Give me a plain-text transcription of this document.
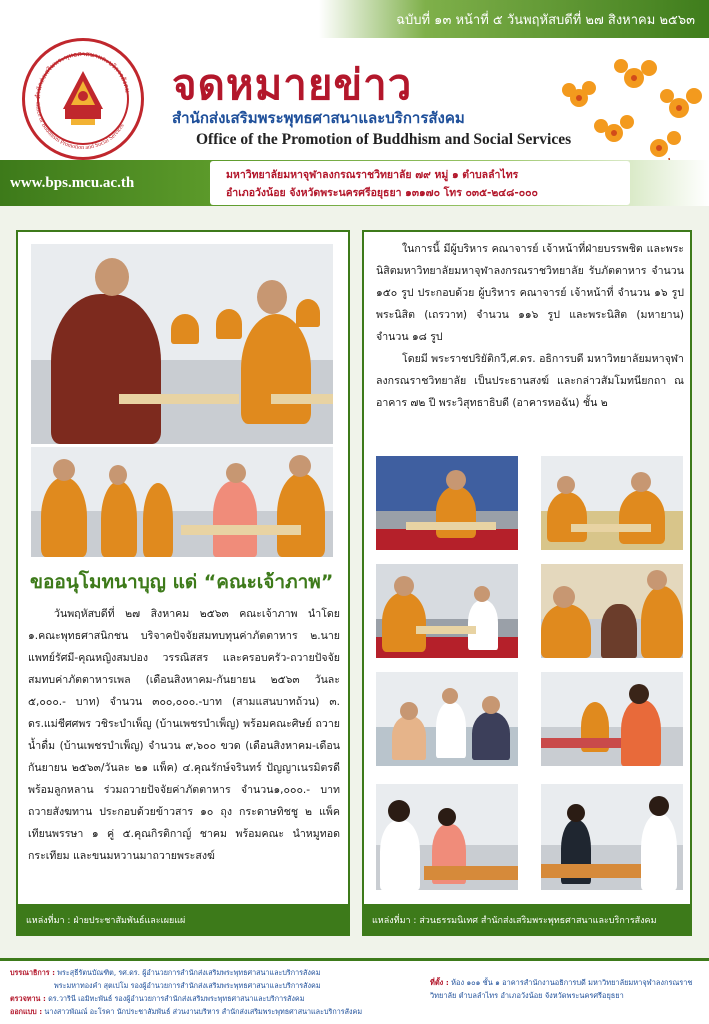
ฉบับที่ ๑๓ หน้าที่ ๕ วันพฤหัสบดีที่ ๒๗ สิงหาคม ๒๕๖๓
สำนักส่งเสริมพระพุทธศาสนาและบริการสังคม
Office of Buddhism Promotion and Social Services
จดหมายข่าว
สำนักส่งเสริมพระพุทธศาสนาและบริการสังคม
Office of the Promotion of Buddhism and Social Services
www.bps.mcu.ac.th	มหาวิทยาลัยมหาจุฬาลงกรณราชวิทยาลัย ๗๙ หมู่ ๑ ตำบลลำไทร
อำเภอวังน้อย จังหวัดพระนครศรีอยุธยา ๑๓๑๗๐ โทร ๐๓๕-๒๔๘-๐๐๐
แหล่งที่มา : ฝ่ายประชาสัมพันธ์และเผยแผ่
ขออนุโมทนาบุญ แด่ “คณะเจ้าภาพ”

วันพฤหัสบดีที่ ๒๗ สิงหาคม ๒๕๖๓ คณะเจ้าภาพ นำโดย ๑.คณะพุทธศาสนิกชน บริจาคปัจจัยสมทบทุนค่าภัตตาหาร ๒.นายแพทย์รัศมี-คุณหญิงสมปอง วรรณิสสร และครอบครัว-ถวายปัจจัยสมทบค่าภัตตาหารเพล (เดือนสิงหาคม-กันยายน ๒๕๖๓ วันละ ๕,๐๐๐.- บาท) จำนวน ๓๐๐,๐๐๐.-บาท (สามแสนบาทถ้วน) ๓. ดร.แม่ชีศศพร วชิระบำเพ็ญ (บ้านเพชรบำเพ็ญ) พร้อมคณะศิษย์ ถวายน้ำดื่ม (บ้านเพชรบำเพ็ญ) จำนวน ๙,๖๐๐ ขวด (เดือนสิงหาคม-เดือนกันยายน ๒๕๖๓/วันละ ๒๑ แพ็ค) ๔.คุณรักษ์จรินทร์ ปัญญาเนรมิตรดี พร้อมลูกหลาน ร่วมถวายปัจจัยค่าภัตตาหาร จำนวน๑,๐๐๐.- บาท ถวายสังฆทาน ประกอบด้วยข้าวสาร ๑๐ ถุง กระดาษทิชชู ๒ แพ็ค เทียนพรรษา ๑ คู่ ๕.คุณกิรติกาญ์ ชาคม พร้อมคณะ นำหมูทอดกระเทียม และขนมหวานมาถวายพระสงฆ์

แหล่งที่มา : ส่วนธรรมนิเทศ สำนักส่งเสริมพระพุทธศาสนาและบริการสังคม

ในการนี้ มีผู้บริหาร คณาจารย์ เจ้าหน้าที่ฝ่ายบรรพชิต และพระนิสิตมหาวิทยาลัยมหาจุฬาลงกรณราชวิทยาลัย รับภัตตาหาร จำนวน ๑๕๐ รูป ประกอบด้วย ผู้บริหาร คณาจารย์ เจ้าหน้าที่ จำนวน ๑๖ รูป พระนิสิต (เถรวาท) จำนวน ๑๑๖ รูป และพระนิสิต (มหายาน) จำนวน ๑๘ รูป
โดยมี พระราชปริยัติกวี,ศ.ดร. อธิการบดี มหาวิทยาลัยมหาจุฬาลงกรณราชวิทยาลัย เป็นประธานสงฆ์ และกล่าวสัมโมทนียกถา ณ อาคาร ๗๒ ปี พระวิสุทธาธิบดี (อาคารหอฉัน) ชั้น ๒

บรรณาธิการ : พระสุธีรัตนบัณฑิต, รศ.ดร. ผู้อำนวยการสำนักส่งเสริมพระพุทธศาสนาและบริการสังคม
พระมหาทองคำ สุตเปโม รองผู้อำนวยการสำนักส่งเสริมพระพุทธศาสนาและบริการสังคม
ตรวจทาน : ดร.วารินี เอมิทะพันธ์ รองผู้อำนวยการสำนักส่งเสริมพระพุทธศาสนาและบริการสังคม
ออกแบบ : นางสาวพัณณ์ อะโรคา นักประชาสัมพันธ์ ส่วนงานบริหาร สำนักส่งเสริมพระพุทธศาสนาและบริการสังคม
ที่ตั้ง : ห้อง ๑๐๑ ชั้น ๑ อาคารสำนักงานอธิการบดี มหาวิทยาลัยมหาจุฬาลงกรณราชวิทยาลัย ตำบลลำไทร อำเภอวังน้อย จังหวัดพระนครศรีอยุธยา
